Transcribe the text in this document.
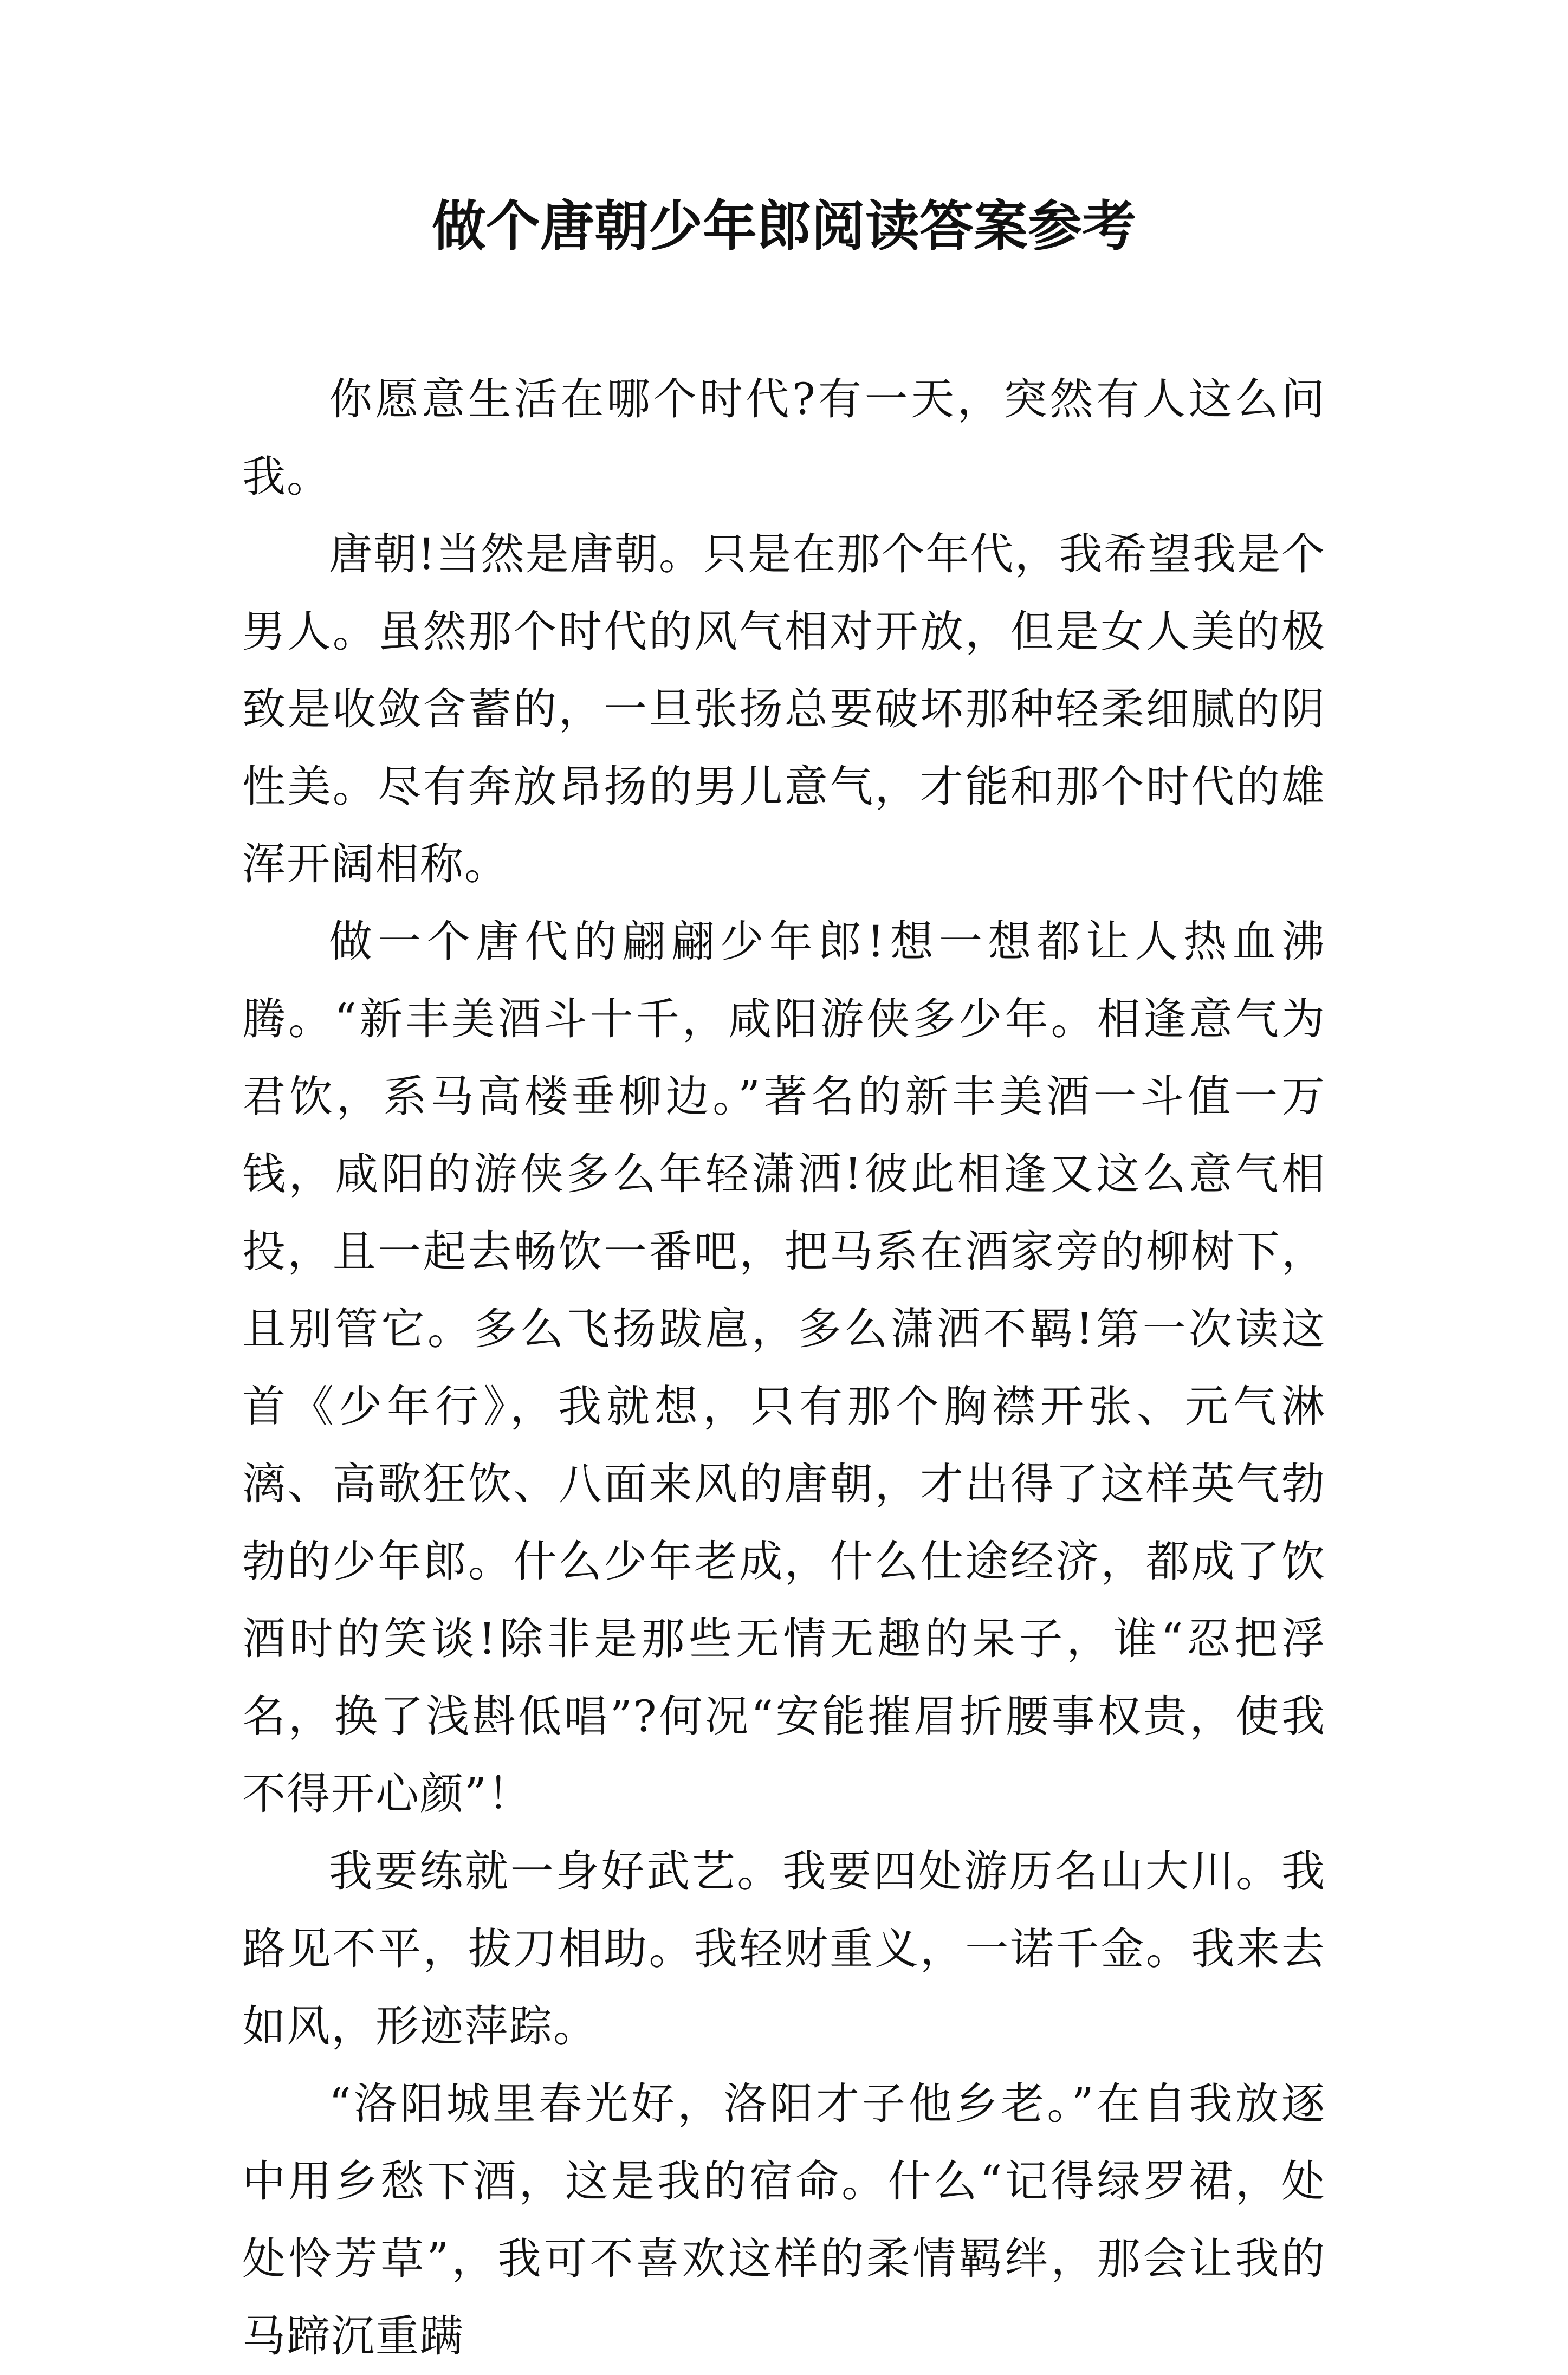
做个唐朝少年郎阅读答案参考

你愿意生活在哪个时代?有一天，突然有人这么问我。

唐朝!当然是唐朝。只是在那个年代，我希望我是个男人。虽然那个时代的风气相对开放，但是女人美的极致是收敛含蓄的，一旦张扬总要破坏那种轻柔细腻的阴性美。尽有奔放昂扬的男儿意气，才能和那个时代的雄浑开阔相称。

做一个唐代的翩翩少年郎!想一想都让人热血沸腾。“新丰美酒斗十千，咸阳游侠多少年。相逢意气为君饮，系马高楼垂柳边。”著名的新丰美酒一斗值一万钱，咸阳的游侠多么年轻潇洒!彼此相逢又这么意气相投，且一起去畅饮一番吧，把马系在酒家旁的柳树下，且别管它。多么飞扬跋扈，多么潇洒不羁!第一次读这首《少年行》，我就想，只有那个胸襟开张、元气淋漓、高歌狂饮、八面来风的唐朝，才出得了这样英气勃勃的少年郎。什么少年老成，什么仕途经济，都成了饮酒时的笑谈!除非是那些无情无趣的呆子，谁“忍把浮名，换了浅斟低唱”?何况“安能摧眉折腰事权贵，使我不得开心颜”！

我要练就一身好武艺。我要四处游历名山大川。我路见不平，拔刀相助。我轻财重义，一诺千金。我来去如风，形迹萍踪。

“洛阳城里春光好，洛阳才子他乡老。”在自我放逐中用乡愁下酒，这是我的宿命。什么“记得绿罗裙，处处怜芳草”，我可不喜欢这样的柔情羁绊，那会让我的马蹄沉重蹒
